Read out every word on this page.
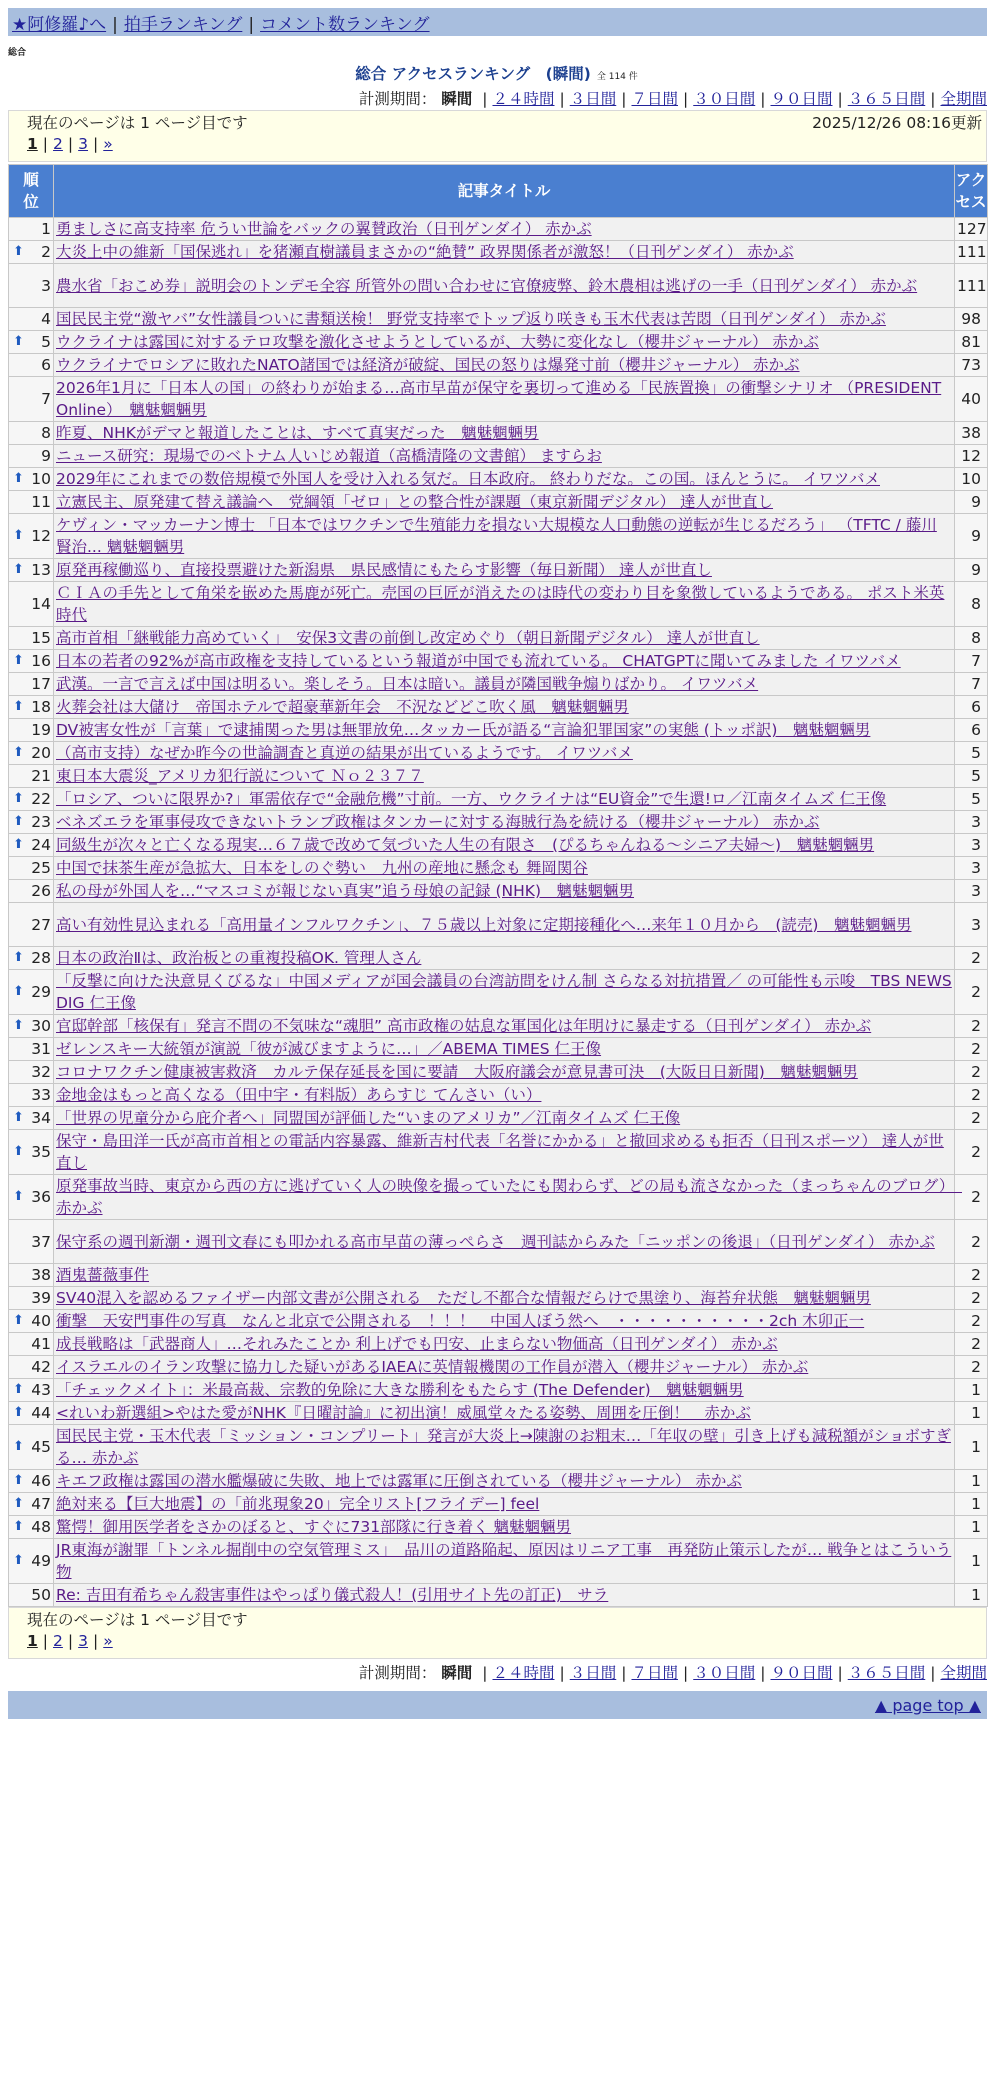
★阿修羅♪へ | 拍手ランキング | コメント数ランキング
総合
総合 アクセスランキング　(瞬間) 全 114 件
計測期間： 瞬間 | ２４時間 | ３日間 | ７日間 | ３０日間 | ９０日間 | ３６５日間 | 全期間
現在のページは 1 ページ目です	2025/12/26 08:16更新
1 | 2 | 3 | »
順位	記事タイトル	アクセス
1	勇ましさに高支持率 危うい世論をバックの翼賛政治（日刊ゲンダイ） 赤かぶ	127

⬆ 2	大炎上中の維新「国保逃れ」を猪瀬直樹議員まさかの“絶賛” 政界関係者が激怒！（日刊ゲンダイ） 赤かぶ	111
3	農水省「おこめ券」説明会のトンデモ全容 所管外の問い合わせに官僚疲弊、鈴木農相は逃げの一手（日刊ゲンダイ） 赤かぶ	111
4	国民民主党“激ヤバ”女性議員ついに書類送検！ 野党支持率でトップ返り咲きも玉木代表は苦悶（日刊ゲンダイ） 赤かぶ	98

⬆ 5	ウクライナは露国に対するテロ攻撃を激化させようとしているが、大勢に変化なし（櫻井ジャーナル） 赤かぶ	81
6	ウクライナでロシアに敗れたNATO諸国では経済が破綻、国民の怒りは爆発寸前（櫻井ジャーナル） 赤かぶ	73
7	2026年1月に「日本人の国」の終わりが始まる…高市早苗が保守を裏切って進める「民族置換」の衝撃シナリオ （PRESIDENT Online）　魑魅魍魎男	40
8	昨夏、NHKがデマと報道したことは、すべて真実だった　魑魅魍魎男	38
9	ニュース研究：現場でのベトナム人いじめ報道（高橋清隆の文書館） ますらお	12

⬆ 10	2029年にこれまでの数倍規模で外国人を受け入れる気だ。日本政府。 終わりだな。この国。ほんとうに。 イワツバメ	10
11	立憲民主、原発建て替え議論へ　党綱領「ゼロ」との整合性が課題（東京新聞デジタル） 達人が世直し	9

⬆ 12	ケヴィン・マッカーナン博士 「日本ではワクチンで生殖能力を損ない大規模な人口動態の逆転が生じるだろう」 （TFTC / 藤川賢治... 魑魅魍魎男	9

⬆ 13	原発再稼働巡り、直接投票避けた新潟県　県民感情にもたらす影響（毎日新聞） 達人が世直し	9
14	ＣＩＡの手先として角栄を嵌めた馬鹿が死亡。売国の巨匠が消えたのは時代の変わり目を象徴しているようである。 ポスト米英時代	8
15	高市首相「継戦能力高めていく」　安保3文書の前倒し改定めぐり（朝日新聞デジタル） 達人が世直し	8

⬆ 16	日本の若者の92%が高市政権を支持しているという報道が中国でも流れている。 CHATGPTに聞いてみました イワツバメ	7
17	武漢。一言で言えば中国は明るい。楽しそう。日本は暗い。議員が隣国戦争煽りばかり。 イワツバメ	7

⬆ 18	火葬会社は大儲け　帝国ホテルで超豪華新年会　不況などどこ吹く風　魑魅魍魎男	6
19	DV被害女性が「言葉」で逮捕関った男は無罪放免…タッカー氏が語る“言論犯罪国家”の実態 (トッポ訳)　魑魅魍魎男	6

⬆ 20	（高市支持）なぜか昨今の世論調査と真逆の結果が出ているようです。 イワツバメ	5
21	東日本大震災_アメリカ犯行説について Ｎｏ２３７７	5

⬆ 22	「ロシア、ついに限界か?」軍需依存で“金融危機”寸前。一方、ウクライナは“EU資金”で生還!ロ／江南タイムズ 仁王像	5

⬆ 23	ベネズエラを軍事侵攻できないトランプ政権はタンカーに対する海賊行為を続ける（櫻井ジャーナル） 赤かぶ	3

⬆ 24	同級生が次々と亡くなる現実…６７歳で改めて気づいた人生の有限さ　(ぴるちゃんねる〜シニア夫婦〜)　魑魅魍魎男	3
25	中国で抹茶生産が急拡大、日本をしのぐ勢い　九州の産地に懸念も 舞岡関谷	3
26	私の母が外国人を…“マスコミが報じない真実”追う母娘の記録 (NHK)　魑魅魍魎男	3
27	高い有効性見込まれる「高用量インフルワクチン」、７５歳以上対象に定期接種化へ…来年１０月から　(読売)　魑魅魍魎男	3

⬆ 28	日本の政治Ⅱは、政治板との重複投稿OK. 管理人さん	2

⬆ 29	「反撃に向けた決意見くびるな」中国メディアが国会議員の台湾訪問をけん制 さらなる対抗措置／ の可能性も示唆　TBS NEWS DIG 仁王像	2

⬆ 30	官邸幹部「核保有」発言不問の不気味な“魂胆” 高市政権の姑息な軍国化は年明けに暴走する（日刊ゲンダイ） 赤かぶ	2
31	ゼレンスキー大統領が演説「彼が滅びますように…」／ABEMA TIMES 仁王像	2
32	コロナワクチン健康被害救済　カルテ保存延長を国に要請　大阪府議会が意見書可決　(大阪日日新聞)　魑魅魍魎男	2
33	金地金はもっと高くなる（田中宇・有料版）あらすじ てんさい（い）	2

⬆ 34	「世界の児童分から庇介者へ」同盟国が評価した“いまのアメリカ”／江南タイムズ 仁王像	2

⬆ 35	保守・島田洋一氏が高市首相との電話内容暴露、維新吉村代表「名誉にかかる」と撤回求めるも拒否（日刊スポーツ） 達人が世直し	2

⬆ 36	原発事故当時、東京から西の方に逃げていく人の映像を撮っていたにも関わらず、どの局も流さなかった（まっちゃんのブログ）　赤かぶ	2
37	保守系の週刊新潮・週刊文春にも叩かれる高市早苗の薄っぺらさ　週刊誌からみた「ニッポンの後退」（日刊ゲンダイ） 赤かぶ	2
38	酒鬼薔薇事件	2
39	SV40混入を認めるファイザー内部文書が公開される　ただし不都合な情報だらけで黒塗り、海苔弁状態　魑魅魍魎男	2

⬆ 40	衝撃　天安門事件の写真　なんと北京で公開される　！！！　中国人ぼう然へ　・・・・・・・・・・2ch 木卯正一	2
41	成長戦略は「武器商人」…それみたことか 利上げでも円安、止まらない物価高（日刊ゲンダイ） 赤かぶ	2
42	イスラエルのイラン攻撃に協力した疑いがあるIAEAに英情報機関の工作員が潜入（櫻井ジャーナル） 赤かぶ	2

⬆ 43	「チェックメイト」：米最高裁、宗教的免除に大きな勝利をもたらす (The Defender)　魑魅魍魎男	1

⬆ 44	<れいわ新選組>やはた愛がNHK『日曜討論』に初出演！威風堂々たる姿勢、周囲を圧倒！　赤かぶ	1

⬆ 45	国民民主党・玉木代表「ミッション・コンプリート」発言が大炎上→陳謝のお粗末…「年収の壁」引き上げも減税額がショボすぎる… 赤かぶ	1

⬆ 46	キエフ政権は露国の潜水艦爆破に失敗、地上では露軍に圧倒されている（櫻井ジャーナル） 赤かぶ	1

⬆ 47	絶対来る【巨大地震】の「前兆現象20」完全リスト[フライデー] feel	1

⬆ 48	驚愕！御用医学者をさかのぼると、すぐに731部隊に行き着く 魑魅魍魎男	1

⬆ 49	JR東海が謝罪「トンネル掘削中の空気管理ミス」　品川の道路陥起、原因はリニア工事　再発防止策示したが… 戦争とはこういう物	1
50	Re: 吉田有希ちゃん殺害事件はやっぱり儀式殺人！(引用サイト先の訂正)　サラ	1
現在のページは 1 ページ目です
1 | 2 | 3 | »
計測期間： 瞬間 | ２４時間 | ３日間 | ７日間 | ３０日間 | ９０日間 | ３６５日間 | 全期間
▲ page top ▲
